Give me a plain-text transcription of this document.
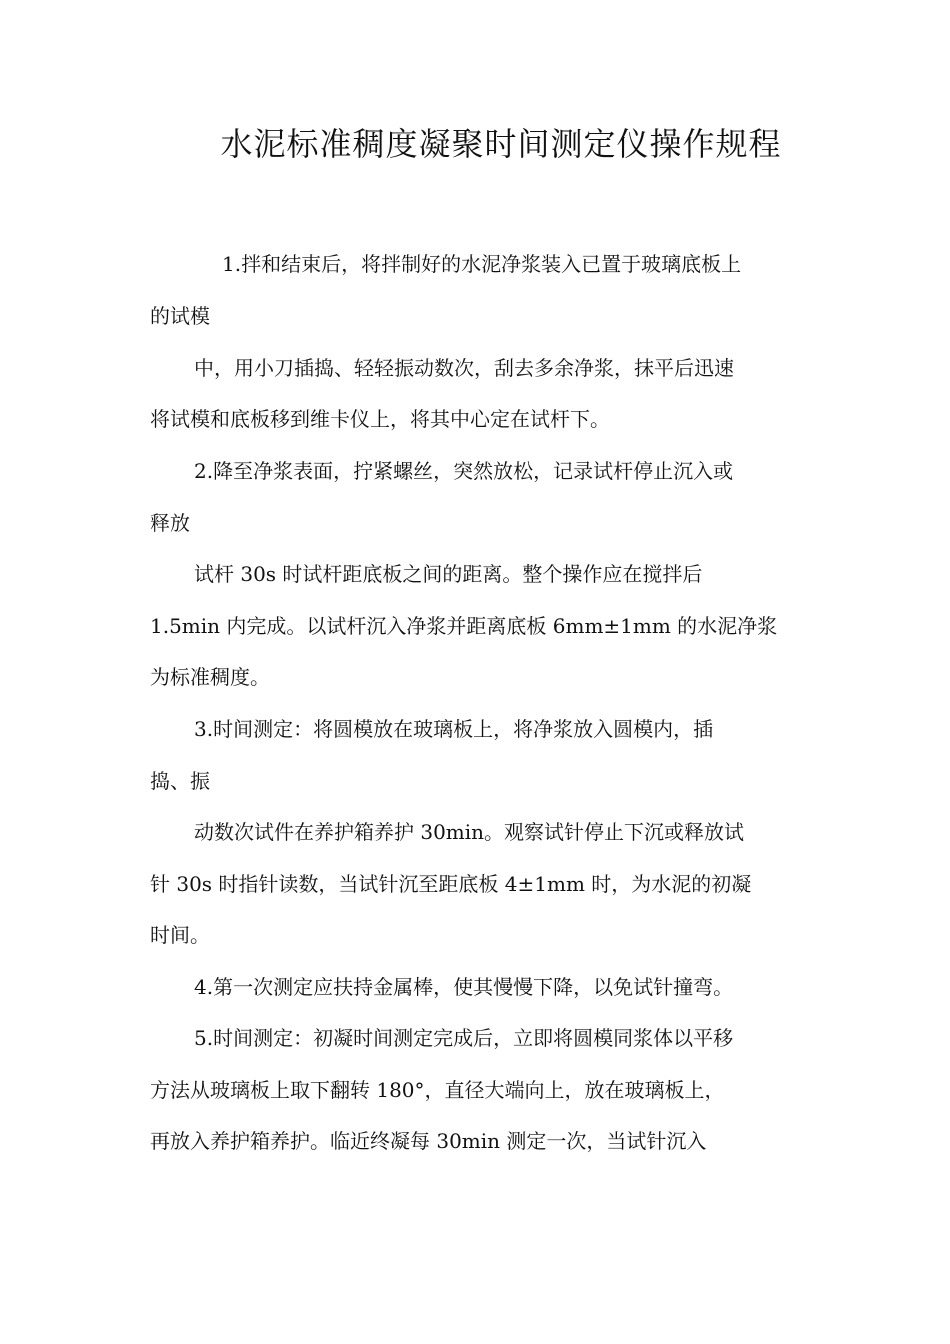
水泥标准稠度凝聚时间测定仪操作规程
1.拌和结束后，将拌制好的水泥净浆装入已置于玻璃底板上
的试模
中，用小刀插捣、轻轻振动数次，刮去多余净浆，抹平后迅速
将试模和底板移到维卡仪上，将其中心定在试杆下。
2.降至净浆表面，拧紧螺丝，突然放松，记录试杆停止沉入或
释放
试杆 30s 时试杆距底板之间的距离。整个操作应在搅拌后
1.5min 内完成。以试杆沉入净浆并距离底板 6mm±1mm 的水泥净浆
为标准稠度。
3.时间测定：将圆模放在玻璃板上，将净浆放入圆模内，插
捣、振
动数次试件在养护箱养护 30min。观察试针停止下沉或释放试
针 30s 时指针读数，当试针沉至距底板 4±1mm 时，为水泥的初凝
时间。
4.第一次测定应扶持金属棒，使其慢慢下降，以免试针撞弯。
5.时间测定：初凝时间测定完成后，立即将圆模同浆体以平移
方法从玻璃板上取下翻转 180°，直径大端向上，放在玻璃板上，
再放入养护箱养护。临近终凝每 30min 测定一次，当试针沉入
